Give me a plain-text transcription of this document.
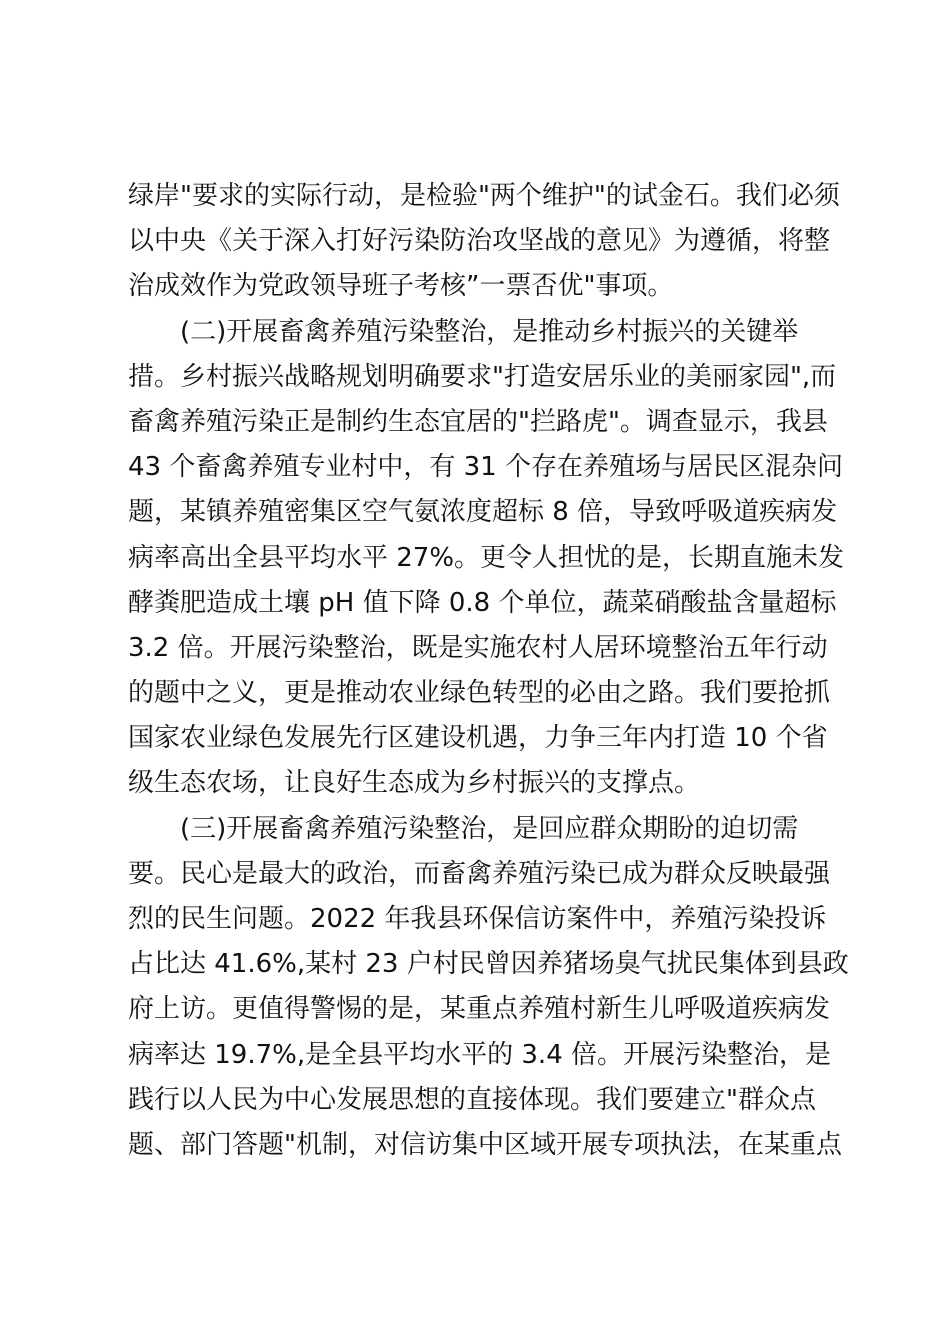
绿岸"要求的实际行动，是检验"两个维护"的试金石。我们必须
以中央《关于深入打好污染防治攻坚战的意见》为遵循，将整
治成效作为党政领导班子考核”一票否优"事项。
(二)开展畜禽养殖污染整治，是推动乡村振兴的关键举
措。乡村振兴战略规划明确要求"打造安居乐业的美丽家园",而
畜禽养殖污染正是制约生态宜居的"拦路虎"。调查显示，我县
43 个畜禽养殖专业村中，有 31 个存在养殖场与居民区混杂问
题，某镇养殖密集区空气氨浓度超标 8 倍，导致呼吸道疾病发
病率高出全县平均水平 27%。更令人担忧的是，长期直施未发
酵粪肥造成土壤 pH 值下降 0.8 个单位，蔬菜硝酸盐含量超标
3.2 倍。开展污染整治，既是实施农村人居环境整治五年行动
的题中之义，更是推动农业绿色转型的必由之路。我们要抢抓
国家农业绿色发展先行区建设机遇，力争三年内打造 10 个省
级生态农场，让良好生态成为乡村振兴的支撑点。
(三)开展畜禽养殖污染整治，是回应群众期盼的迫切需
要。民心是最大的政治，而畜禽养殖污染已成为群众反映最强
烈的民生问题。2022 年我县环保信访案件中，养殖污染投诉
占比达 41.6%,某村 23 户村民曾因养猪场臭气扰民集体到县政
府上访。更值得警惕的是，某重点养殖村新生儿呼吸道疾病发
病率达 19.7%,是全县平均水平的 3.4 倍。开展污染整治，是
践行以人民为中心发展思想的直接体现。我们要建立"群众点
题、部门答题"机制，对信访集中区域开展专项执法，在某重点
